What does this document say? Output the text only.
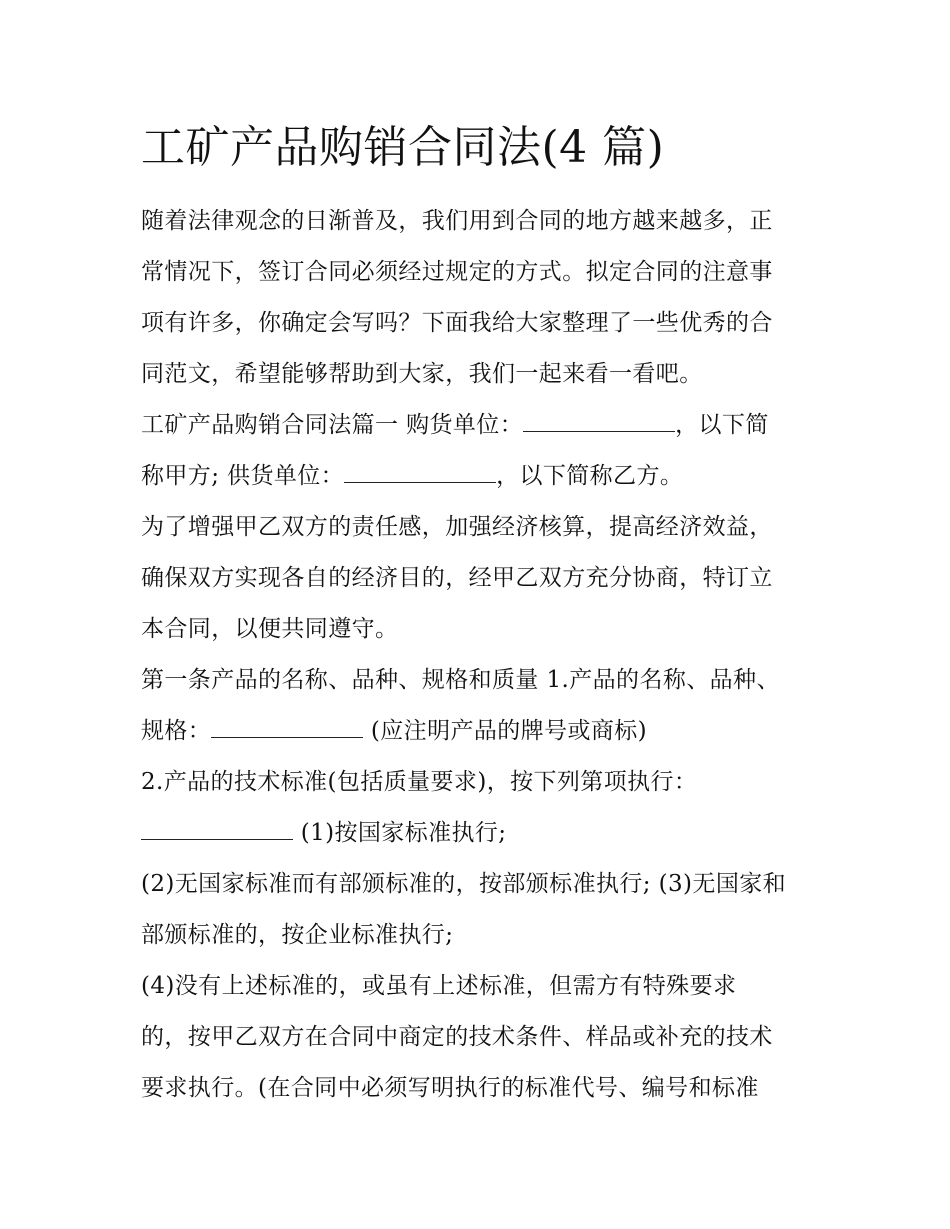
工矿产品购销合同法(4 篇)
随着法律观念的日渐普及，我们用到合同的地方越来越多，正
常情况下，签订合同必须经过规定的方式。拟定合同的注意事
项有许多，你确定会写吗？下面我给大家整理了一些优秀的合
同范文，希望能够帮助到大家，我们一起来看一看吧。
工矿产品购销合同法篇一 购货单位：	，以下简
称甲方; 供货单位：	，以下简称乙方。
为了增强甲乙双方的责任感，加强经济核算，提高经济效益，
确保双方实现各自的经济目的，经甲乙双方充分协商，特订立
本合同，以便共同遵守。
第一条产品的名称、品种、规格和质量 1.产品的名称、品种、
规格：	(应注明产品的牌号或商标)
2.产品的技术标准(包括质量要求)，按下列第项执行：
(1)按国家标准执行;
(2)无国家标准而有部颁标准的，按部颁标准执行; (3)无国家和
部颁标准的，按企业标准执行;
(4)没有上述标准的，或虽有上述标准，但需方有特殊要求
的，按甲乙双方在合同中商定的技术条件、样品或补充的技术
要求执行。(在合同中必须写明执行的标准代号、编号和标准
